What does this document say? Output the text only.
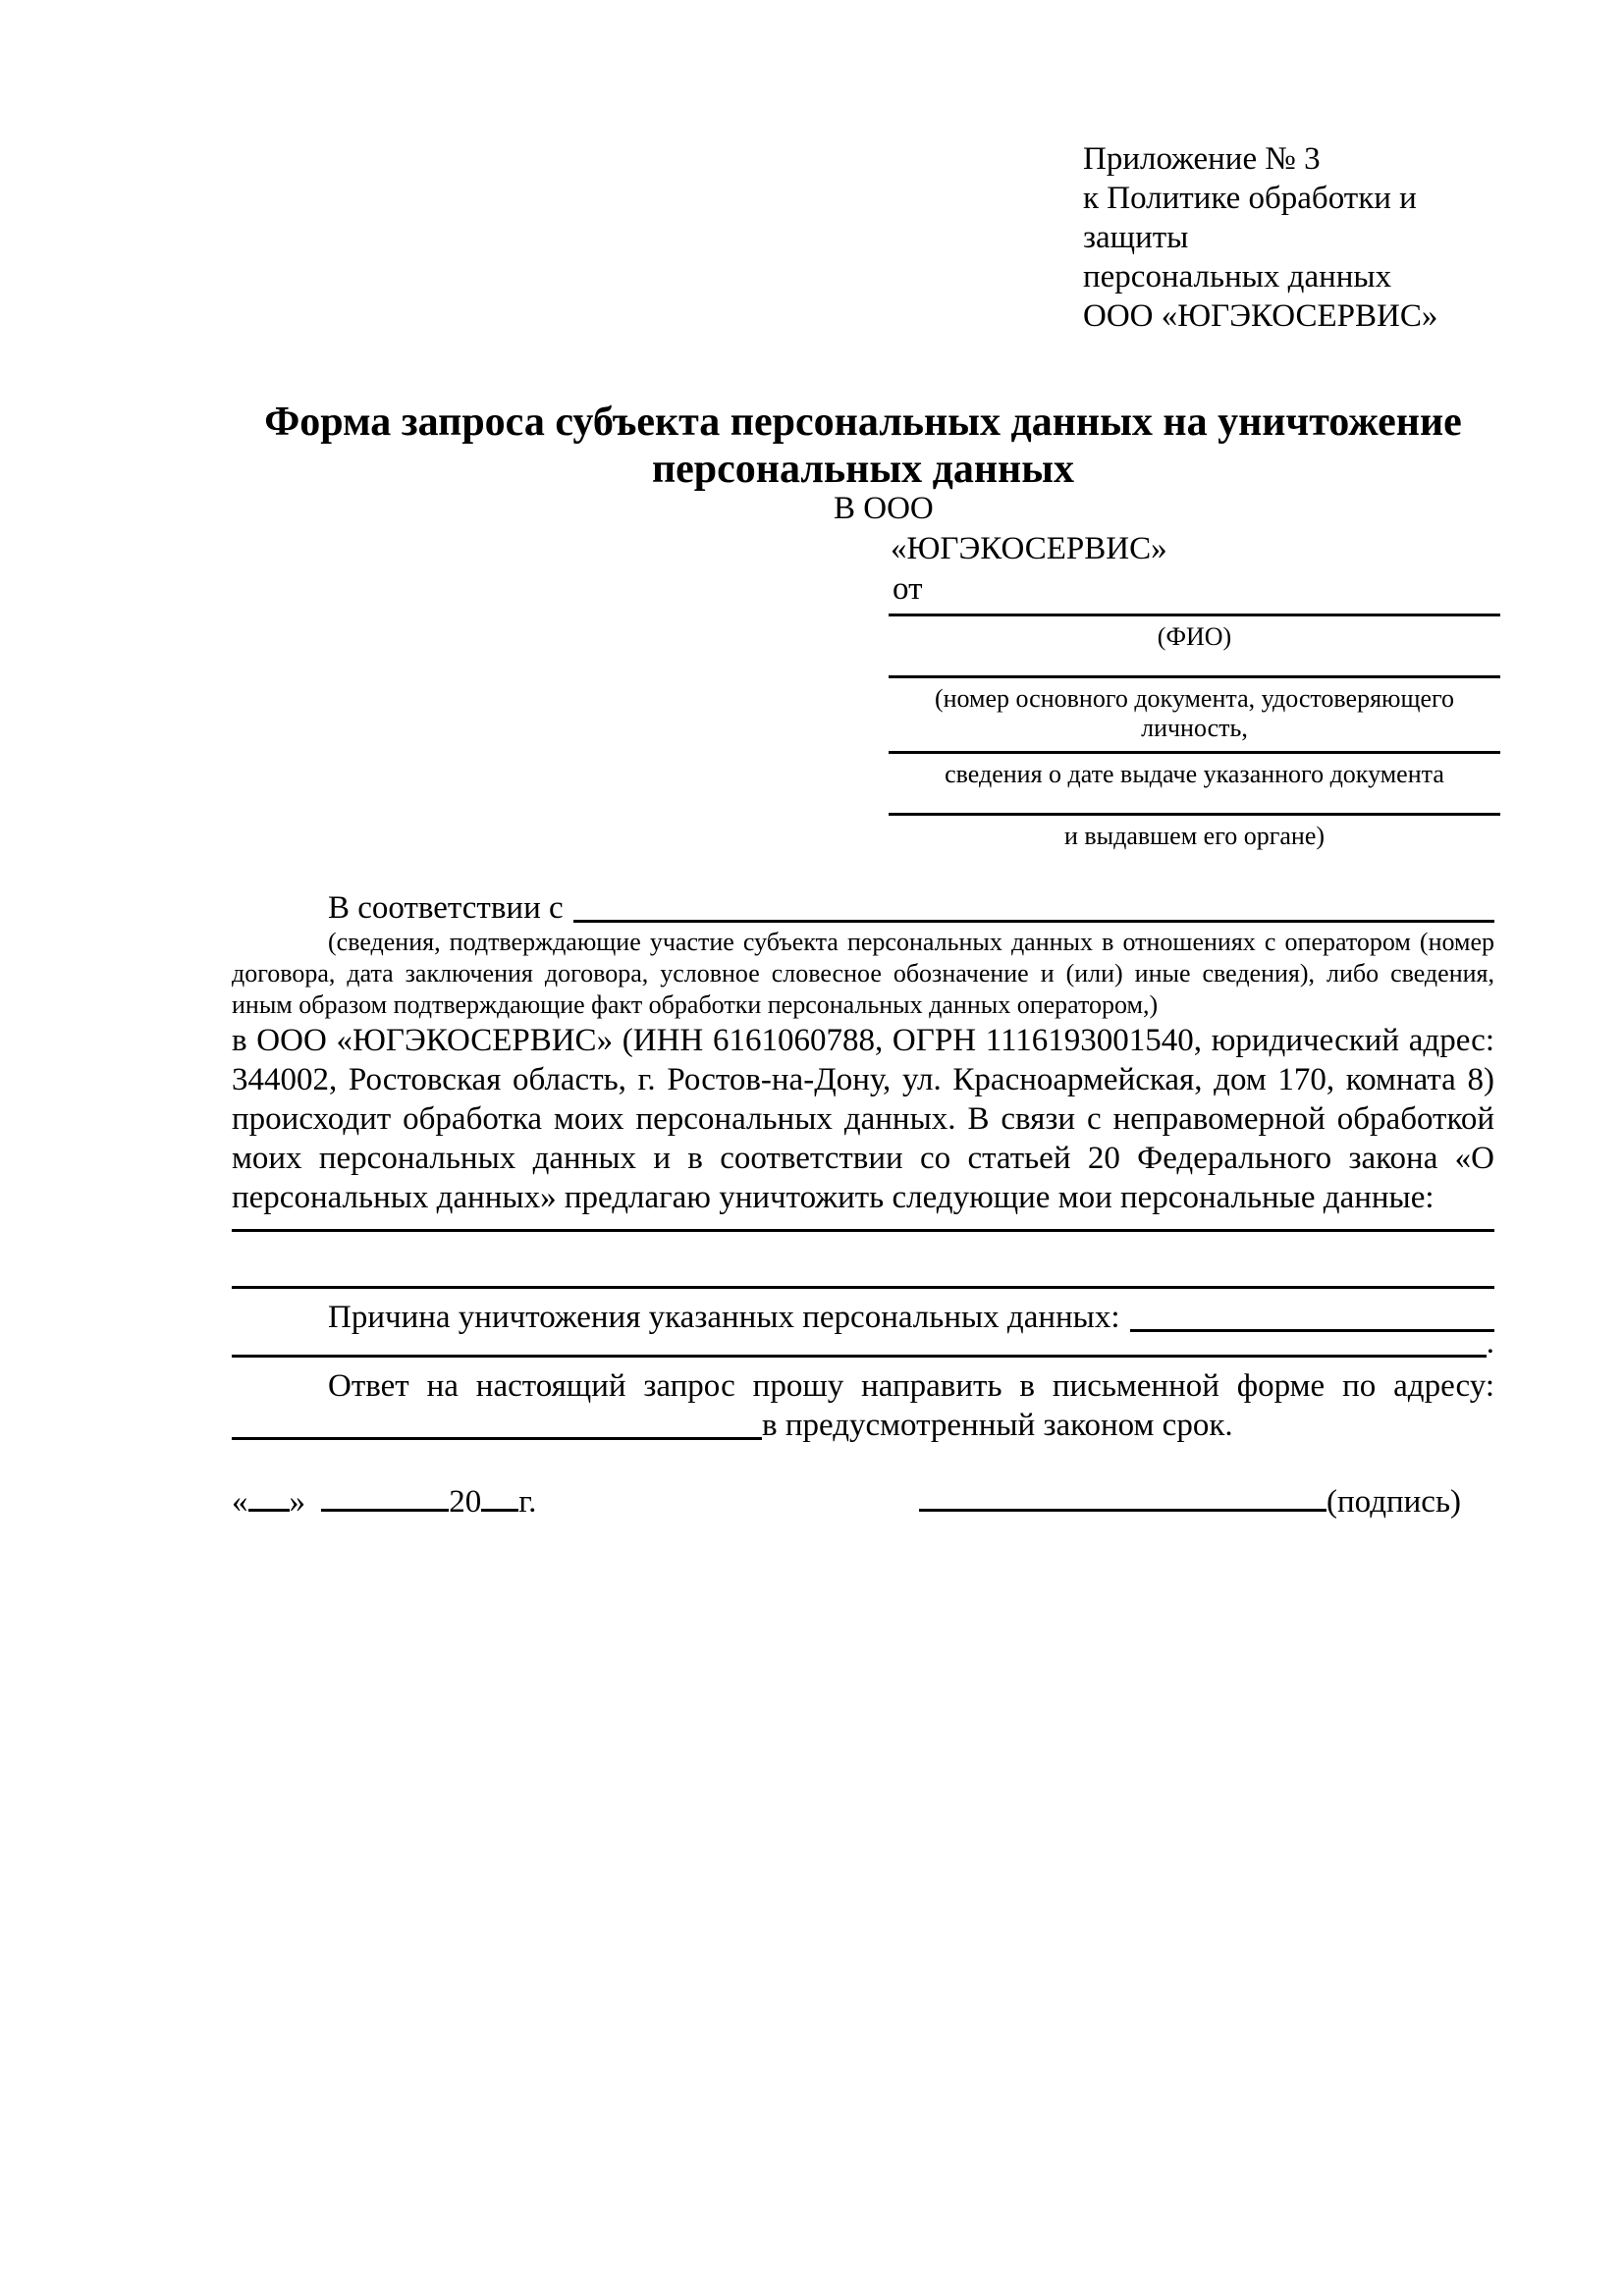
Приложение № 3
к Политике обработки и защиты
персональных данных
ООО «ЮГЭКОСЕРВИС»
Форма запроса субъекта персональных данных на уничтожение персональных данных
В ООО
«ЮГЭКОСЕРВИС»
от
(ФИО)
(номер основного документа, удостоверяющего личность,
сведения о дате выдаче указанного документа
и выдавшем его органе)
В соответствии с
(сведения, подтверждающие участие субъекта персональных данных в отношениях с оператором (номер договора, дата заключения договора, условное словесное обозначение и (или) иные сведения), либо сведения, иным образом подтверждающие факт обработки персональных данных оператором,)
в ООО «ЮГЭКОСЕРВИС» (ИНН 6161060788, ОГРН 1116193001540, юридический адрес: 344002, Ростовская область, г. Ростов-на-Дону, ул. Красноармейская, дом 170, комната 8) происходит обработка моих персональных данных. В связи с неправомерной обработкой моих персональных данных и в соответствии со статьей 20 Федерального закона «О персональных данных» предлагаю уничтожить следующие мои персональные данные:
Причина уничтожения указанных персональных данных:
.
Ответ на настоящий запрос прошу направить в письменной форме по адресу:
в предусмотренный законом срок.
« »	20 г.	(подпись)
